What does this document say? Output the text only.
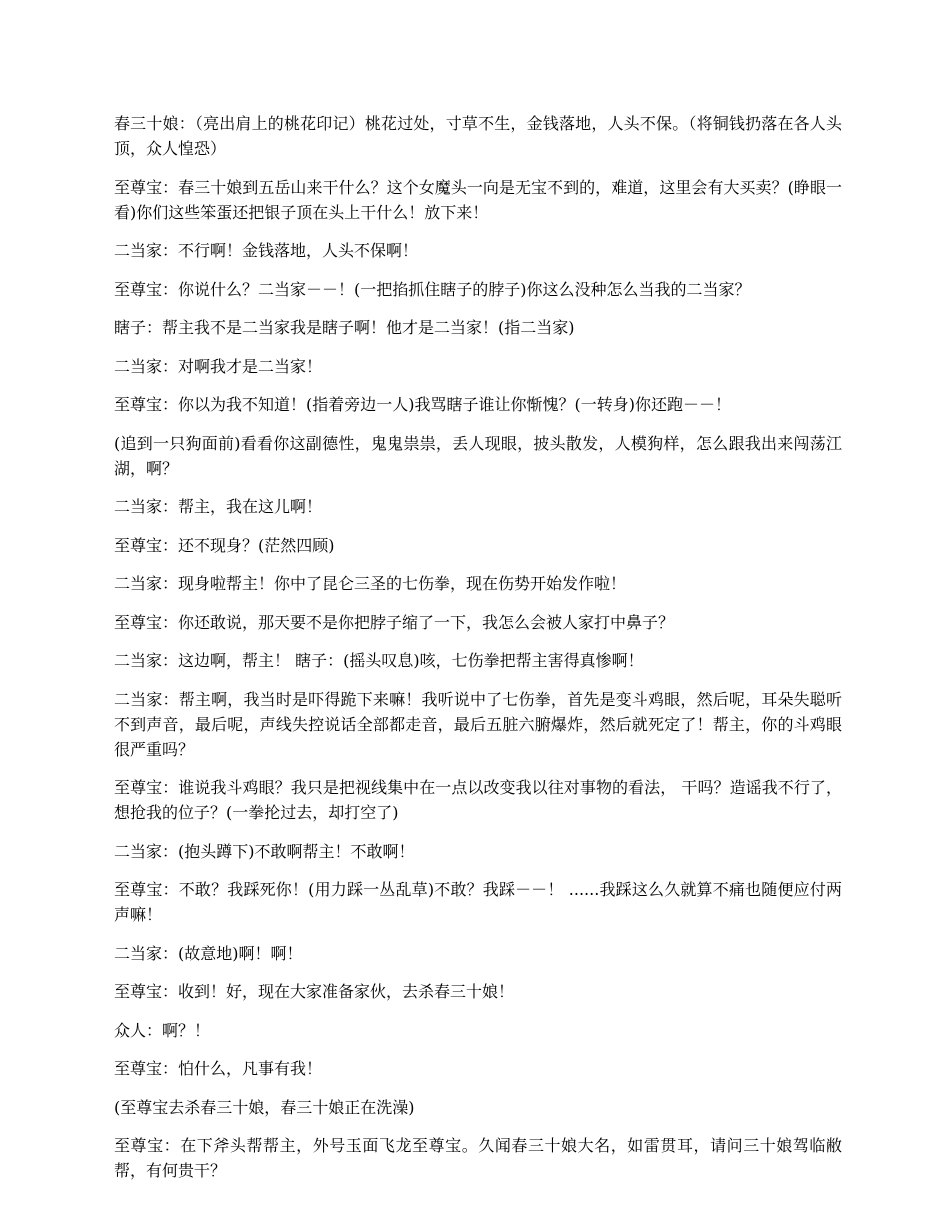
春三十娘：（亮出肩上的桃花印记）桃花过处，寸草不生，金钱落地，人头不保。（将铜钱扔落在各人头顶，众人惶恐）

至尊宝：春三十娘到五岳山来干什么？这个女魔头一向是无宝不到的，难道，这里会有大买卖？(睁眼一看)你们这些笨蛋还把银子顶在头上干什么！放下来！

二当家：不行啊！金钱落地，人头不保啊！

至尊宝：你说什么？二当家－－！(一把掐抓住瞎子的脖子)你这么没种怎么当我的二当家？

瞎子：帮主我不是二当家我是瞎子啊！他才是二当家！(指二当家)

二当家：对啊我才是二当家！

至尊宝：你以为我不知道！(指着旁边一人)我骂瞎子谁让你惭愧？(一转身)你还跑－－！

(追到一只狗面前)看看你这副德性，鬼鬼祟祟，丢人现眼，披头散发，人模狗样，怎么跟我出来闯荡江湖，啊？

二当家：帮主，我在这儿啊！

至尊宝：还不现身？(茫然四顾)

二当家：现身啦帮主！你中了昆仑三圣的七伤拳，现在伤势开始发作啦！

至尊宝：你还敢说，那天要不是你把脖子缩了一下，我怎么会被人家打中鼻子？

二当家：这边啊，帮主！ 瞎子：(摇头叹息)咳，七伤拳把帮主害得真惨啊！

二当家：帮主啊，我当时是吓得跪下来嘛！我听说中了七伤拳，首先是变斗鸡眼，然后呢，耳朵失聪听不到声音，最后呢，声线失控说话全部都走音，最后五脏六腑爆炸，然后就死定了！帮主，你的斗鸡眼很严重吗？

至尊宝：谁说我斗鸡眼？我只是把视线集中在一点以改变我以往对事物的看法， 干吗？造谣我不行了，想抢我的位子？(一拳抡过去，却打空了)

二当家：(抱头蹲下)不敢啊帮主！不敢啊！

至尊宝：不敢？我踩死你！(用力踩一丛乱草)不敢？我踩－－！ ......我踩这么久就算不痛也随便应付两声嘛！

二当家：(故意地)啊！啊！

至尊宝：收到！好，现在大家准备家伙，去杀春三十娘！

众人：啊？！

至尊宝：怕什么，凡事有我！

(至尊宝去杀春三十娘，春三十娘正在洗澡)

至尊宝：在下斧头帮帮主，外号玉面飞龙至尊宝。久闻春三十娘大名，如雷贯耳，请问三十娘驾临敝帮，有何贵干？
